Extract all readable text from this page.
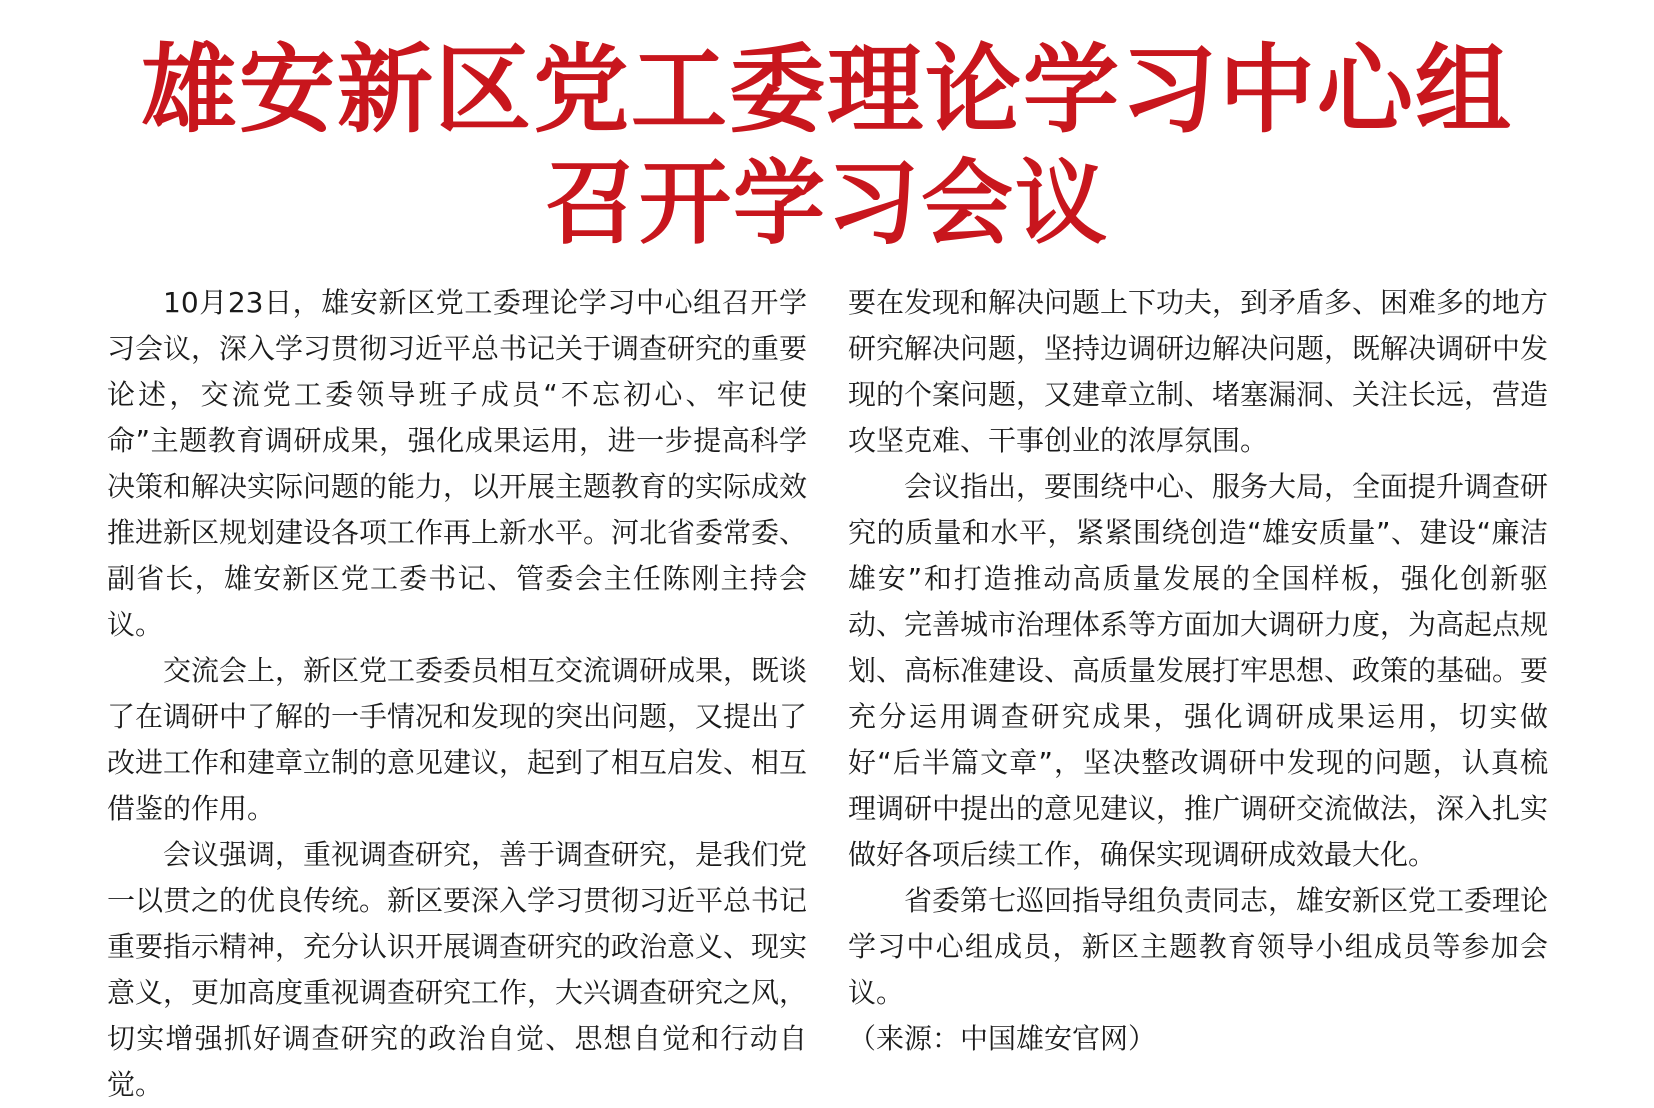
雄安新区党工委理论学习中心组
召开学习会议

10月23日，雄安新区党工委理论学习中心组召开学习会议，深入学习贯彻习近平总书记关于调查研究的重要论述，交流党工委领导班子成员“不忘初心、牢记使命”主题教育调研成果，强化成果运用，进一步提高科学决策和解决实际问题的能力，以开展主题教育的实际成效推进新区规划建设各项工作再上新水平。河北省委常委、副省长，雄安新区党工委书记、管委会主任陈刚主持会议。

交流会上，新区党工委委员相互交流调研成果，既谈了在调研中了解的一手情况和发现的突出问题，又提出了改进工作和建章立制的意见建议，起到了相互启发、相互借鉴的作用。

会议强调，重视调查研究，善于调查研究，是我们党一以贯之的优良传统。新区要深入学习贯彻习近平总书记重要指示精神，充分认识开展调查研究的政治意义、现实意义，更加高度重视调查研究工作，大兴调查研究之风，切实增强抓好调查研究的政治自觉、思想自觉和行动自觉。

要在发现和解决问题上下功夫，到矛盾多、困难多的地方研究解决问题，坚持边调研边解决问题，既解决调研中发现的个案问题，又建章立制、堵塞漏洞、关注长远，营造攻坚克难、干事创业的浓厚氛围。

会议指出，要围绕中心、服务大局，全面提升调查研究的质量和水平，紧紧围绕创造“雄安质量”、建设“廉洁雄安”和打造推动高质量发展的全国样板，强化创新驱动、完善城市治理体系等方面加大调研力度，为高起点规划、高标准建设、高质量发展打牢思想、政策的基础。要充分运用调查研究成果，强化调研成果运用，切实做好“后半篇文章”，坚决整改调研中发现的问题，认真梳理调研中提出的意见建议，推广调研交流做法，深入扎实做好各项后续工作，确保实现调研成效最大化。

省委第七巡回指导组负责同志，雄安新区党工委理论学习中心组成员，新区主题教育领导小组成员等参加会议。

（来源：中国雄安官网）
